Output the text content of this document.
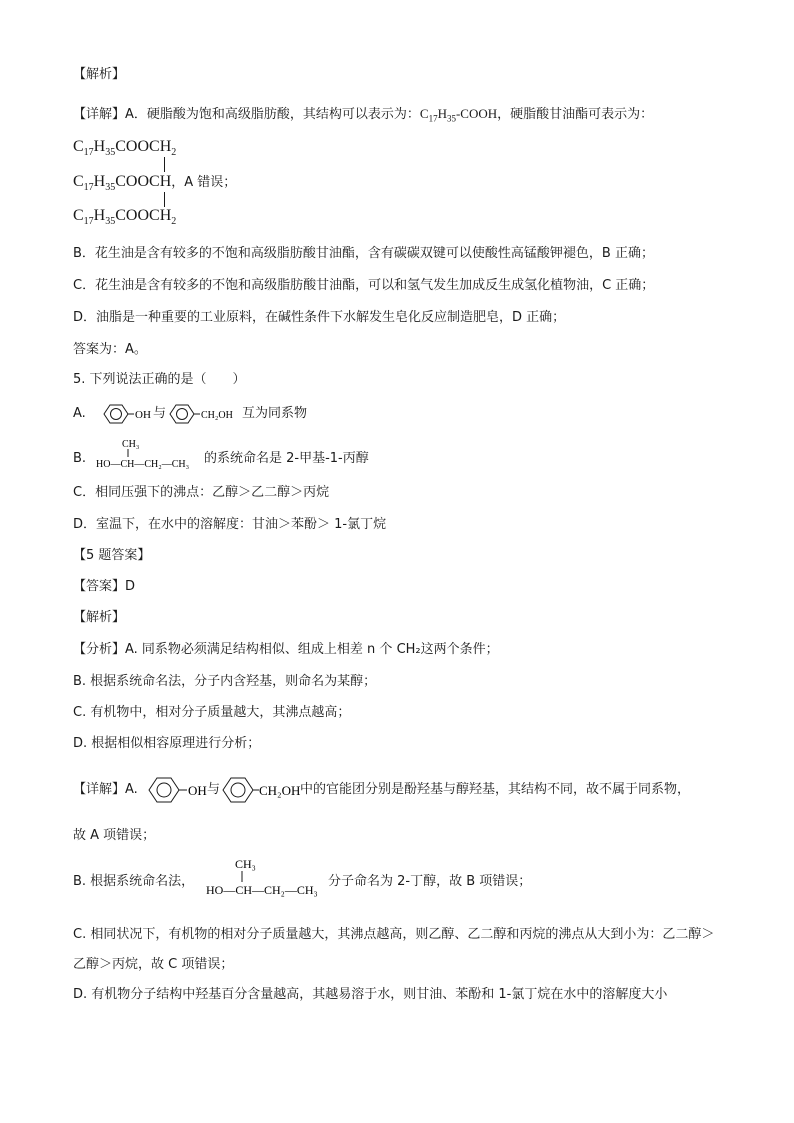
【解析】
【详解】A．硬脂酸为饱和高级脂肪酸，其结构可以表示为：$C_{17}H_{35}$-COOH，硬脂酸甘油酯可表示为：
$C_{17}H_{35}COOCH_2$
$C_{17}H_{35}COOCH$，A 错误；
$C_{17}H_{35}COOCH_2$
B．花生油是含有较多的不饱和高级脂肪酸甘油酯，含有碳碳双键可以使酸性高锰酸钾褪色，B 正确；
C．花生油是含有较多的不饱和高级脂肪酸甘油酯，可以和氢气发生加成反生成氢化植物油，C 正确；
D．油脂是一种重要的工业原料，在碱性条件下水解发生皂化反应制造肥皂，D 正确；
答案为：A。
5. 下列说法正确的是（　　）
A.	OH 与	CH₂OH 互为同系物
B.
CH₃
HO—CH—CH₂—CH₃ 的系统命名是 2-甲基-1-丙醇
C．相同压强下的沸点：乙醇＞乙二醇＞丙烷
D．室温下，在水中的溶解度：甘油＞苯酚＞ 1-氯丁烷
【5 题答案】
【答案】D
【解析】
【分析】A. 同系物必须满足结构相似、组成上相差 n 个 CH₂这两个条件；
B. 根据系统命名法，分子内含羟基，则命名为某醇；
C. 有机物中，相对分子质量越大，其沸点越高；
D. 根据相似相容原理进行分析；
【详解】A.	OH 与	CH₂OH 中的官能团分别是酚羟基与醇羟基，其结构不同，故不属于同系物，
故 A 项错误；
B. 根据系统命名法，
CH₃
HO—CH—CH₂—CH₃
分子命名为 2-丁醇，故 B 项错误；
C. 相同状况下，有机物的相对分子质量越大，其沸点越高，则乙醇、乙二醇和丙烷的沸点从大到小为：乙二醇＞乙醇＞丙烷，故 C 项错误；
D. 有机物分子结构中羟基百分含量越高，其越易溶于水，则甘油、苯酚和 1-氯丁烷在水中的溶解度大小
